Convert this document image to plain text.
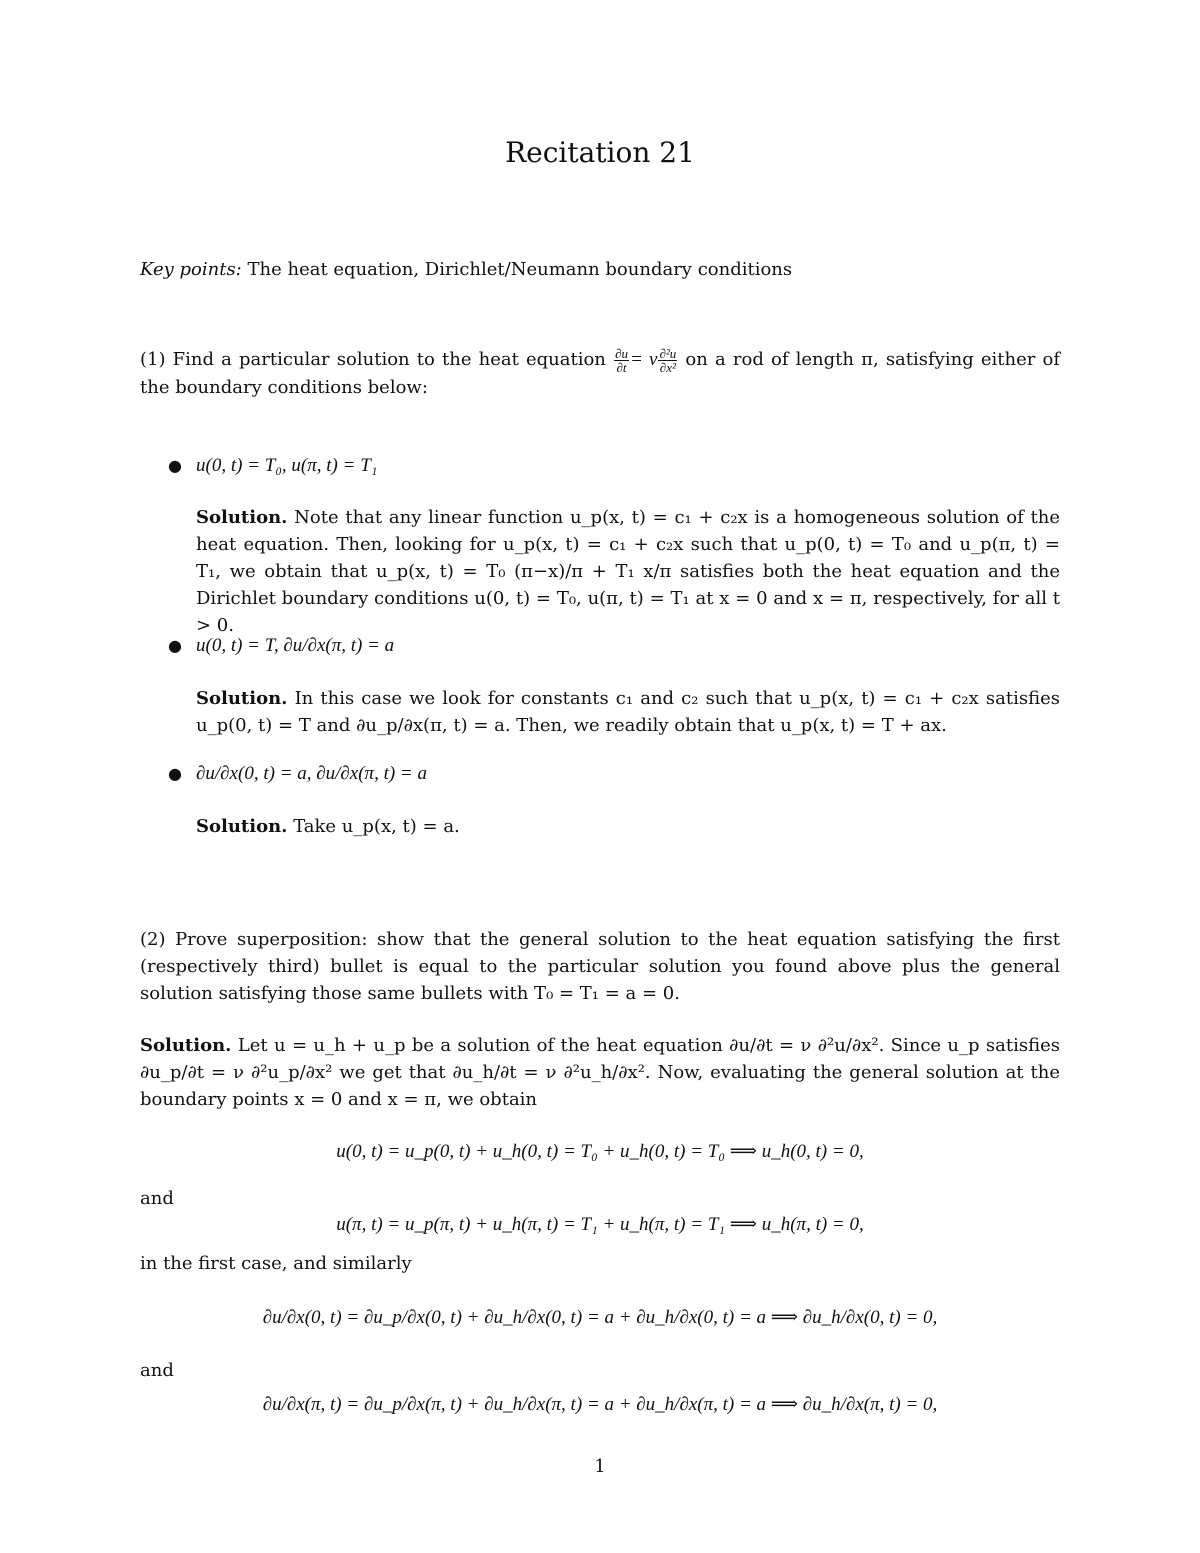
Recitation 21
Key points: The heat equation, Dirichlet/Neumann boundary conditions
(1) Find a particular solution to the heat equation $\frac{\partial u}{\partial t} = \nu \frac{\text{∂²u}}{\text{∂x²}}$ on a rod of length π, satisfying either of the boundary conditions below:
● u(0, t) = T₀, u(π, t) = T₁
Solution. Note that any linear function u_p(x, t) = c₁ + c₂x is a homogeneous solution of the heat equation. Then, looking for u_p(x, t) = c₁ + c₂x such that u_p(0, t) = T₀ and u_p(π, t) = T₁, we obtain that u_p(x, t) = T₀ (π−x)/π + T₁ x/π satisfies both the heat equation and the Dirichlet boundary conditions u(0, t) = T₀, u(π, t) = T₁ at x = 0 and x = π, respectively, for all t > 0.
● u(0, t) = T, ∂u/∂x(π, t) = a
Solution. In this case we look for constants c₁ and c₂ such that u_p(x, t) = c₁ + c₂x satisfies u_p(0, t) = T and ∂u_p/∂x(π, t) = a. Then, we readily obtain that u_p(x, t) = T + ax.
● ∂u/∂x(0, t) = a, ∂u/∂x(π, t) = a
Solution. Take u_p(x, t) = a.
(2) Prove superposition: show that the general solution to the heat equation satisfying the first (respectively third) bullet is equal to the particular solution you found above plus the general solution satisfying those same bullets with T₀ = T₁ = a = 0.
Solution. Let u = u_h + u_p be a solution of the heat equation ∂u/∂t = ν ∂²u/∂x². Since u_p satisfies ∂u_p/∂t = ν ∂²u_p/∂x² we get that ∂u_h/∂t = ν ∂²u_h/∂x². Now, evaluating the general solution at the boundary points x = 0 and x = π, we obtain
u(0, t) = u_p(0, t) + u_h(0, t) = T₀ + u_h(0, t) = T₀ ⟹ u_h(0, t) = 0,
and
u(π, t) = u_p(π, t) + u_h(π, t) = T₁ + u_h(π, t) = T₁ ⟹ u_h(π, t) = 0,
in the first case, and similarly
∂u/∂x(0, t) = ∂u_p/∂x(0, t) + ∂u_h/∂x(0, t) = a + ∂u_h/∂x(0, t) = a ⟹ ∂u_h/∂x(0, t) = 0,
and
∂u/∂x(π, t) = ∂u_p/∂x(π, t) + ∂u_h/∂x(π, t) = a + ∂u_h/∂x(π, t) = a ⟹ ∂u_h/∂x(π, t) = 0,
1
